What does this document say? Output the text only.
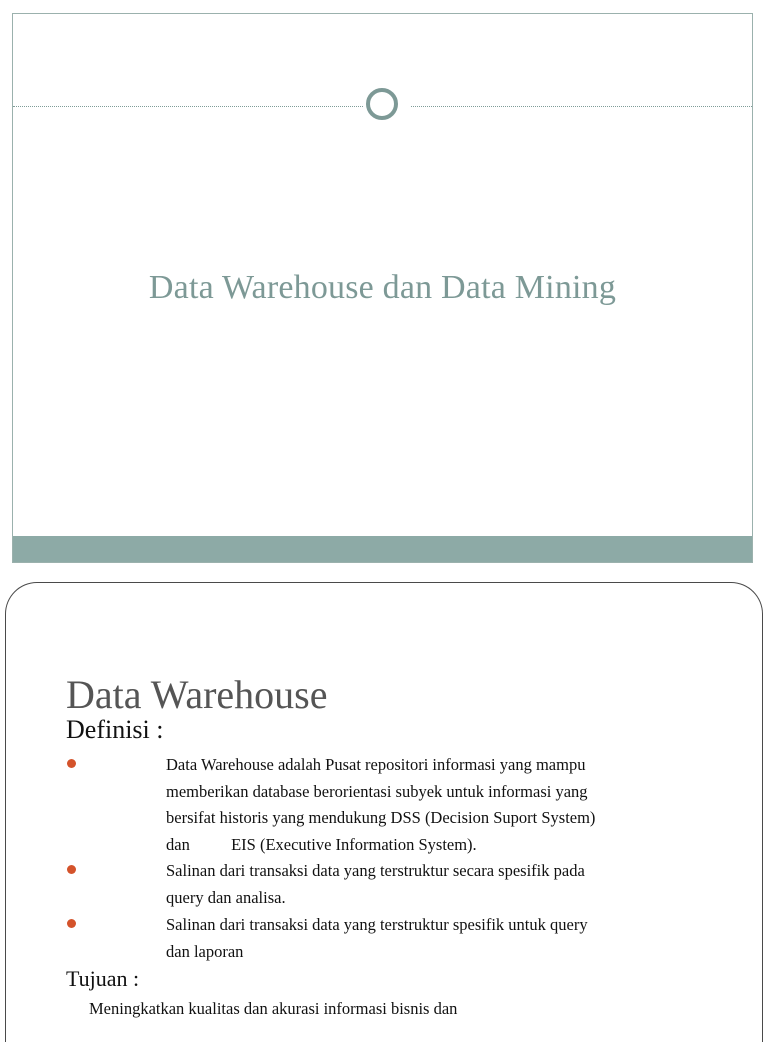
Data Warehouse dan Data Mining
Data Warehouse
Definisi :
Data Warehouse adalah Pusat repositori informasi yang mampu
memberikan database berorientasi subyek untuk informasi yang
bersifat historis yang mendukung DSS (Decision Suport System)
dan          EIS (Executive Information System).
Salinan dari transaksi data yang terstruktur secara spesifik pada
query dan analisa.
Salinan dari transaksi data yang terstruktur spesifik untuk query
dan laporan
Tujuan :
Meningkatkan kualitas dan akurasi informasi bisnis dan
